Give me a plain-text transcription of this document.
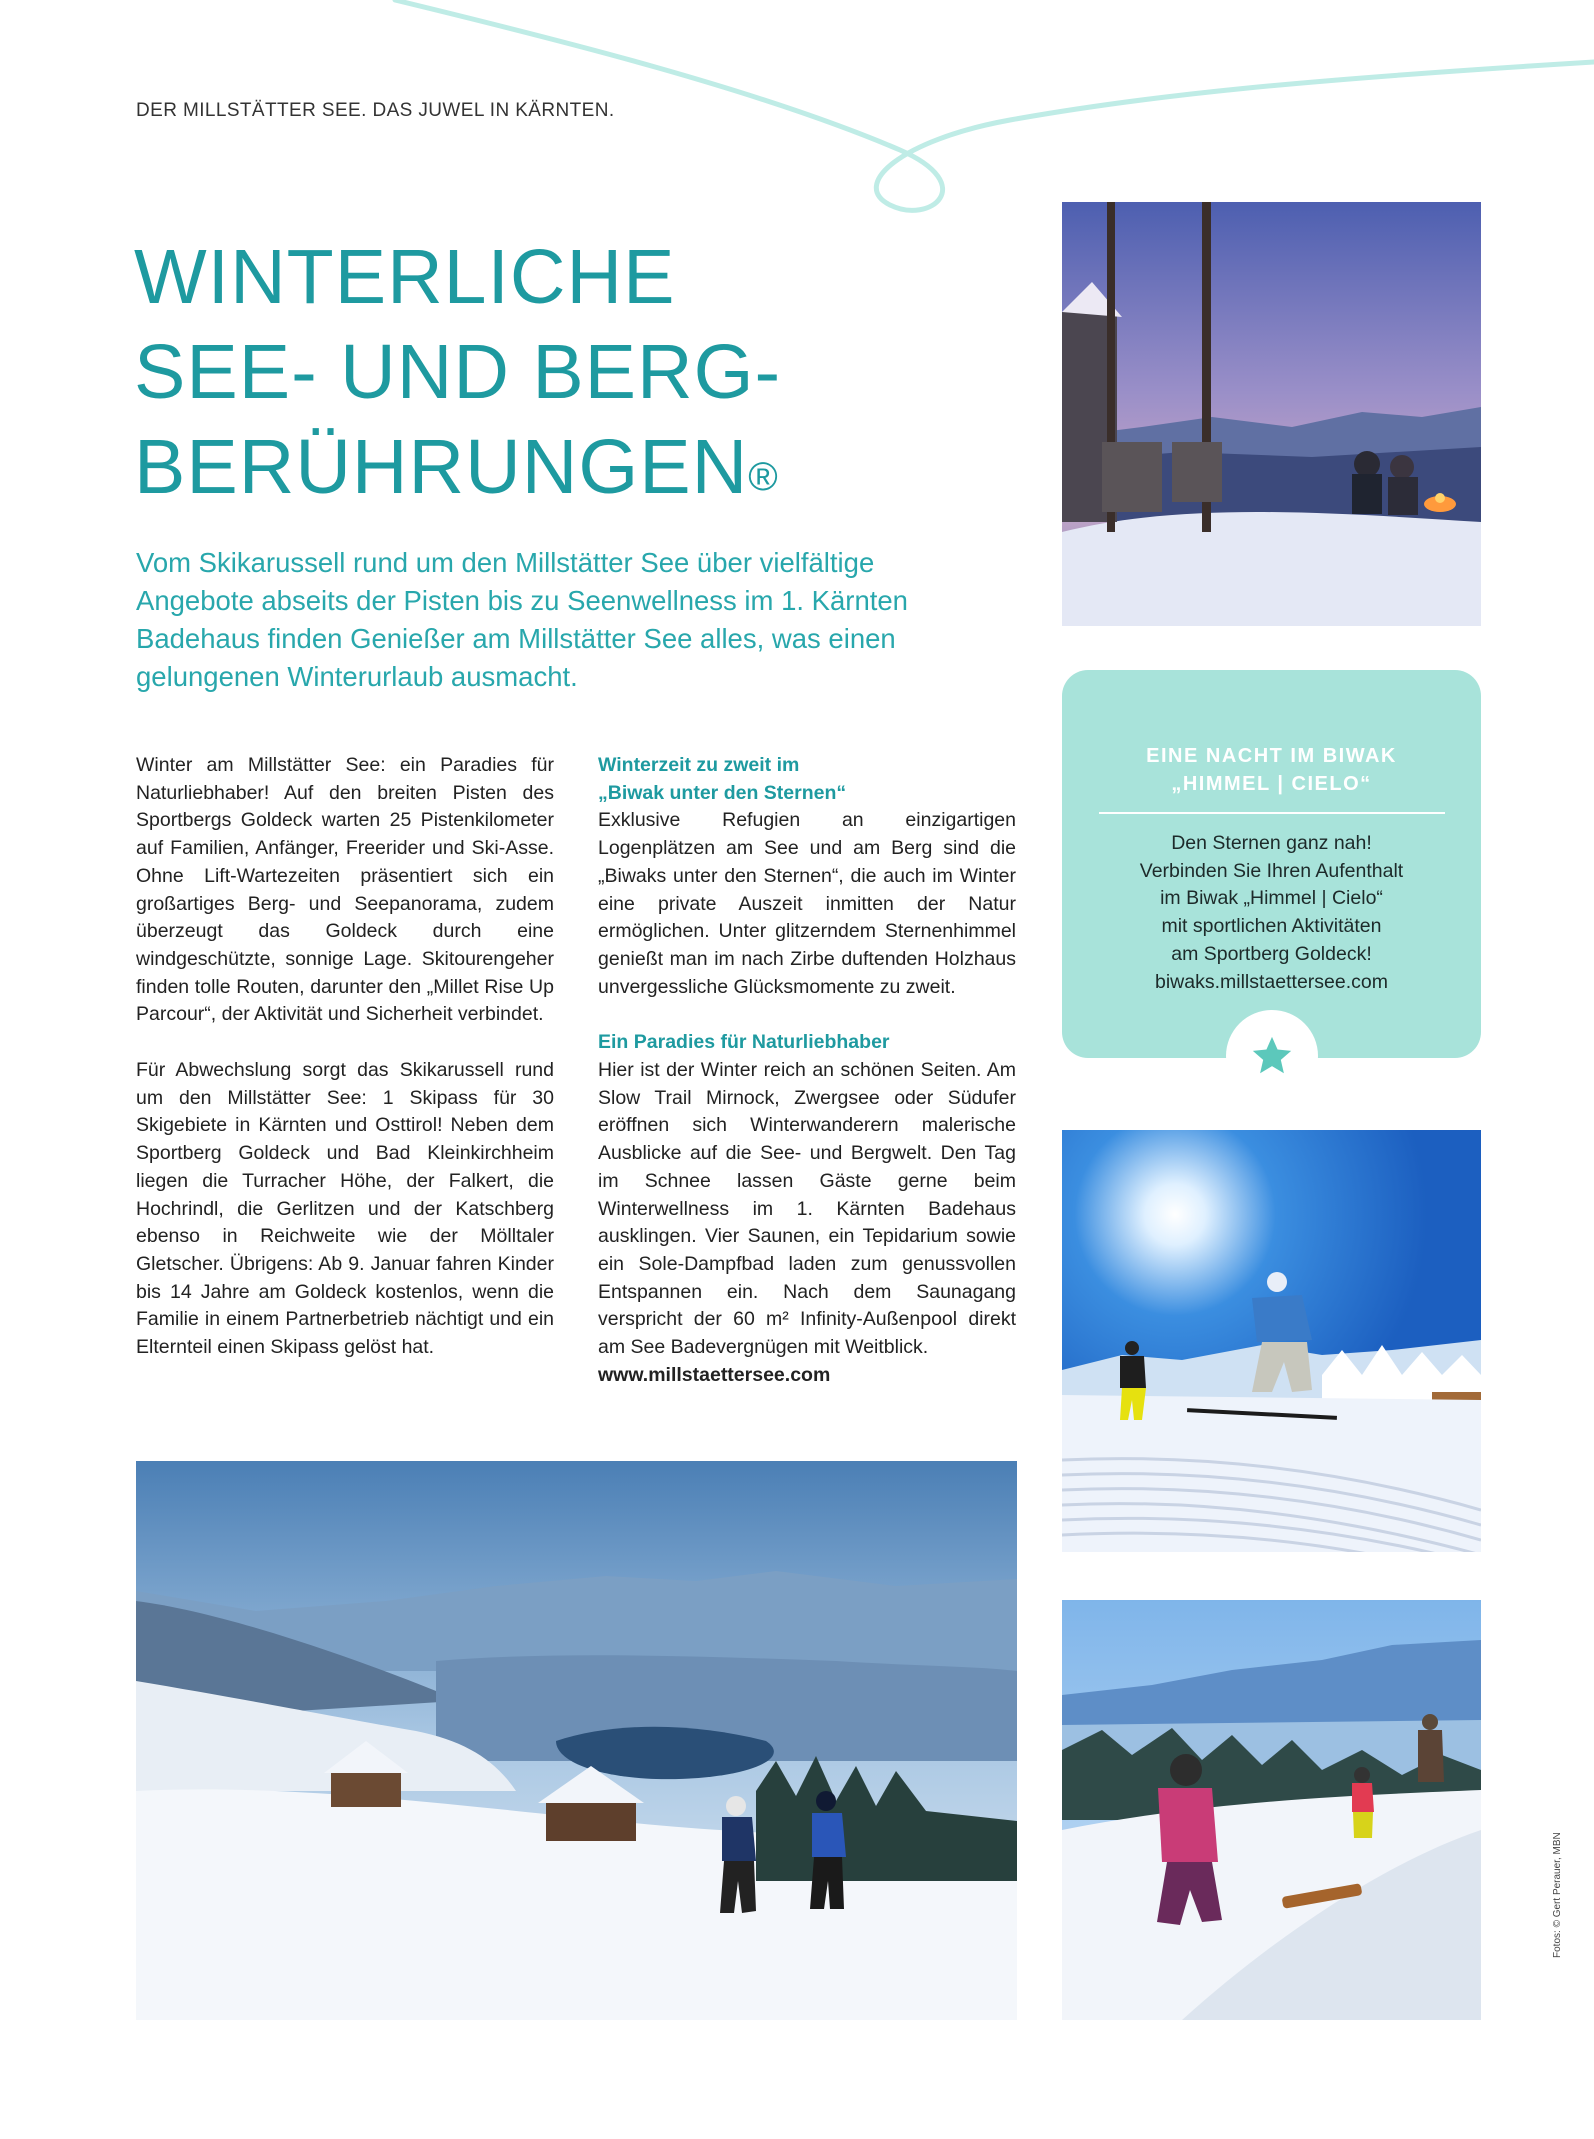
DER MILLSTÄTTER SEE. DAS JUWEL IN KÄRNTEN.
WINTERLICHE
SEE- UND BERG-
BERÜHRUNGEN®
Vom Skikarussell rund um den Millstätter See über vielfältige Angebote abseits der Pisten bis zu Seenwellness im 1. Kärnten Badehaus finden Genießer am Millstätter See alles, was einen gelungenen Winterurlaub ausmacht.

Winter am Millstätter See: ein Paradies für Naturliebhaber! Auf den breiten Pisten des Sportbergs Goldeck warten 25 Pistenkilometer auf Familien, Anfänger, Freerider und Ski-Asse. Ohne Lift-Wartezeiten präsentiert sich ein großartiges Berg- und Seepanorama, zudem überzeugt das Goldeck durch eine windgeschützte, sonnige Lage. Skitourengeher finden tolle Routen, darunter den „Millet Rise Up Parcour“, der Aktivität und Sicherheit verbindet.

Für Abwechslung sorgt das Skikarussell rund um den Millstätter See: 1 Skipass für 30 Skigebiete in Kärnten und Osttirol! Neben dem Sportberg Goldeck und Bad Kleinkirchheim liegen die Turracher Höhe, der Falkert, die Hochrindl, die Gerlitzen und der Katschberg ebenso in Reichweite wie der Mölltaler Gletscher. Übrigens: Ab 9. Januar fahren Kinder bis 14 Jahre am Goldeck kostenlos, wenn die Familie in einem Partnerbetrieb nächtigt und ein Elternteil einen Skipass gelöst hat.

Winterzeit zu zweit im
„Biwak unter den Sternen“
Exklusive Refugien an einzigartigen Logenplätzen am See und am Berg sind die „Biwaks unter den Sternen“, die auch im Winter eine private Auszeit inmitten der Natur ermöglichen. Unter glitzerndem Sternenhimmel genießt man im nach Zirbe duftenden Holzhaus unvergessliche Glücksmomente zu zweit.
Ein Paradies für Naturliebhaber
Hier ist der Winter reich an schönen Seiten. Am Slow Trail Mirnock, Zwergsee oder Südufer eröffnen sich Winterwanderern malerische Ausblicke auf die See- und Bergwelt. Den Tag im Schnee lassen Gäste gerne beim Winterwellness im 1. Kärnten Badehaus ausklingen. Vier Saunen, ein Tepidarium sowie ein Sole-Dampfbad laden zum genussvollen Entspannen ein. Nach dem Saunagang verspricht der 60 m² Infinity-Außenpool direkt am See Badevergnügen mit Weitblick.
www.millstaettersee.com
EINE NACHT IM BIWAK
„HIMMEL | CIELO“
Den Sternen ganz nah!
Verbinden Sie Ihren Aufenthalt
im Biwak „Himmel | Cielo“
mit sportlichen Aktivitäten
am Sportberg Goldeck!
biwaks.millstaettersee.com
Fotos: © Gert Perauer, MBN
